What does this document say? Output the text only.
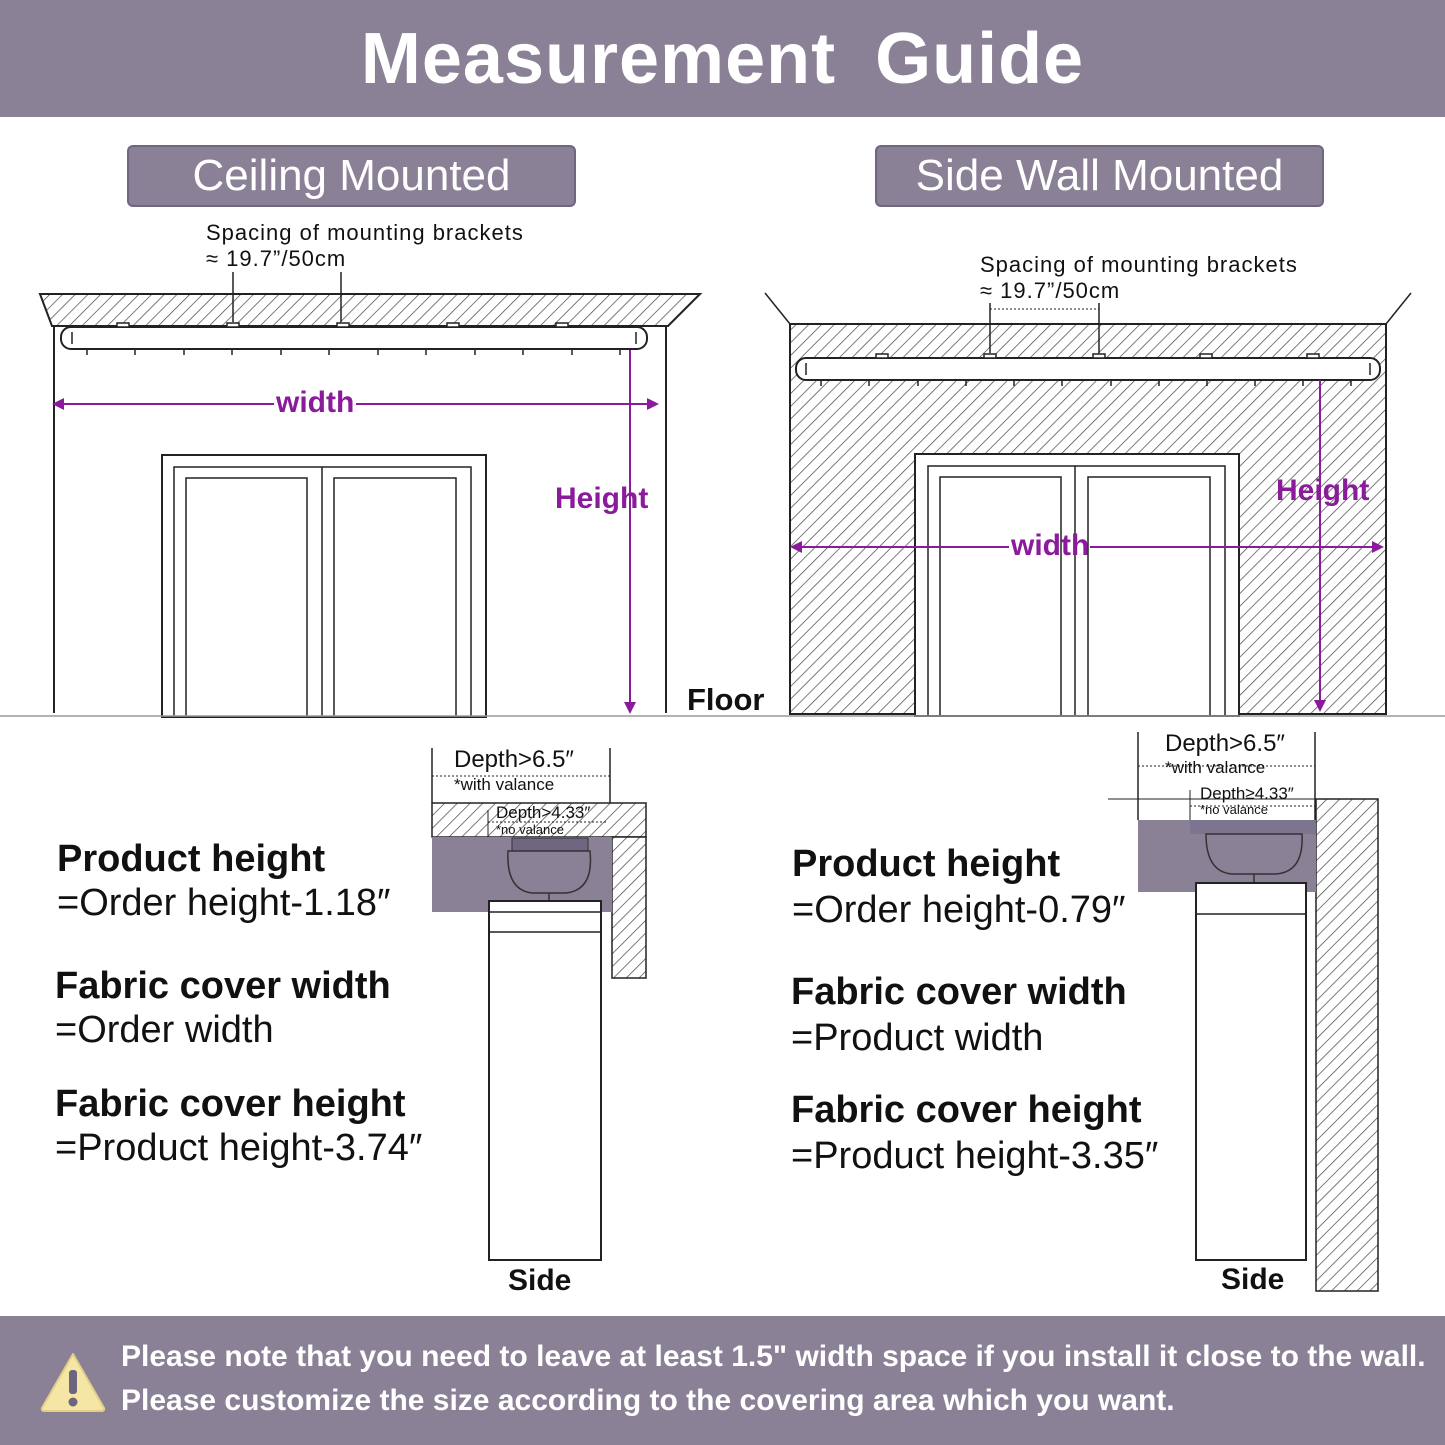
Measurement Guide
Ceiling Mounted	Side Wall Mounted
Spacing of mounting brackets
≈ 19.7”/50cm
width
Height
Floor
Spacing of mounting brackets
≈ 19.7”/50cm
width
Height
Product height
=Order height-1.18″
Fabric cover width
=Order width
Fabric cover height
=Product height-3.74″
Depth>6.5″
*with valance
Depth>4.33″
*no valance
Side
Product height
=Order height-0.79″
Fabric cover width
=Product width
Fabric cover height
=Product height-3.35″
Depth>6.5″
*with valance
Depth≥4.33″
*no valance
Side
Please note that you need to leave at least 1.5" width space if you install it close to the wall.
Please customize the size according to the covering area which you want.
